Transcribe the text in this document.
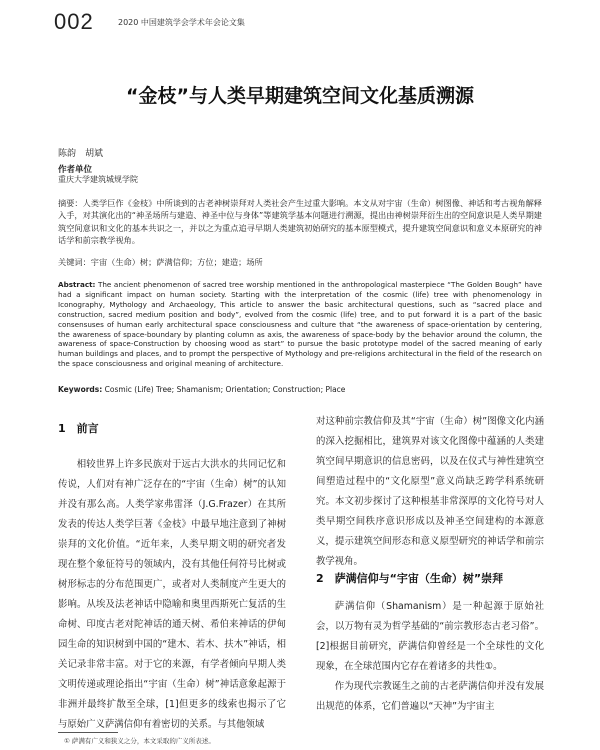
002	2020 中国建筑学会学术年会论文集
“金枝”与人类早期建筑空间文化基质溯源
陈韵　胡斌
作者单位
重庆大学建筑城规学院
摘要：人类学巨作《金枝》中所谈到的古老神树崇拜对人类社会产生过重大影响。本文从对宇宙（生命）树图像、神话和考古视角解释入手，对其演化出的“神圣场所与建造、神圣中位与身体”等建筑学基本问题进行溯源，提出由神树崇拜衍生出的空间意识是人类早期建筑空间意识和文化的基本共识之一，并以之为重点追寻早期人类建筑初始研究的基本原型模式，提升建筑空间意识和意义本原研究的神话学和前宗教学视角。
关键词：宇宙（生命）树；萨满信仰；方位；建造；场所
Abstract: The ancient phenomenon of sacred tree worship mentioned in the anthropological masterpiece “The Golden Bough” have had a significant impact on human society. Starting with the interpretation of the cosmic (life) tree with phenomenology in Iconography, Mythology and Archaeology, This article to answer the basic architectural questions, such as “sacred place and construction, sacred medium position and body”, evolved from the cosmic (life) tree, and to put forward it is a part of the basic consensuses of human early architectural space consciousness and culture that “the awareness of space-orientation by centering, the awareness of space-boundary by planting column as axis, the awareness of space-body by the behavior around the column, the awareness of space-Construction by choosing wood as start” to pursue the basic prototype model of the sacred meaning of early human buildings and places, and to prompt the perspective of Mythology and pre-religions architectural in the field of the research on the space consciousness and original meaning of architecture.
Keywords: Cosmic (Life) Tree; Shamanism; Orientation; Construction; Place
1　前言

相较世界上许多民族对于远古大洪水的共同记忆和传说，人们对有神广泛存在的“宇宙（生命）树”的认知并没有那么高。人类学家弗雷泽（J.G.Frazer）在其所发表的传达人类学巨著《金枝》中最早地注意到了神树崇拜的文化价值。“近年来，人类早期文明的研究者发现在整个象征符号的领域内，没有其他任何符号比树或树形标志的分布范围更广，或者对人类制度产生更大的影响。从埃及法老神话中隐喻和奥里西斯死亡复活的生命树、印度古老对陀神话的通天树、希伯来神话的伊甸园生命的知识树到中国的“建木、若木、扶木”神话，相关记录非常丰富。对于它的来源，有学者倾向早期人类文明传递或理论指出“宇宙（生命）树”神话意象起源于非洲并最终扩散至全球，[1]但更多的线索也揭示了它与原始广义萨满信仰有着密切的关系。与其他领域

对这种前宗教信仰及其“宇宙（生命）树”图像文化内涵的深入挖掘相比，建筑界对该文化图像中蕴涵的人类建筑空间早期意识的信息密码，以及在仪式与神性建筑空间塑造过程中的“文化原型”意义尚缺乏跨学科系统研究。本文初步探讨了这种根基非常深厚的文化符号对人类早期空间秩序意识形成以及神圣空间建构的本源意义，提示建筑空间形态和意义原型研究的神话学和前宗教学视角。

2　萨满信仰与“宇宙（生命）树”崇拜

萨满信仰（Shamanism）是一种起源于原始社会，以万物有灵为哲学基础的“前宗教形态古老习俗”。[2]根据目前研究，萨满信仰曾经是一个全球性的文化现象，在全球范围内它存在着诸多的共性①。

作为现代宗教诞生之前的古老萨满信仰并没有发展出规范的体系，它们普遍以“天神”为宇宙主

① 萨满有广义和狭义之分，本文采取的广义所表述。
